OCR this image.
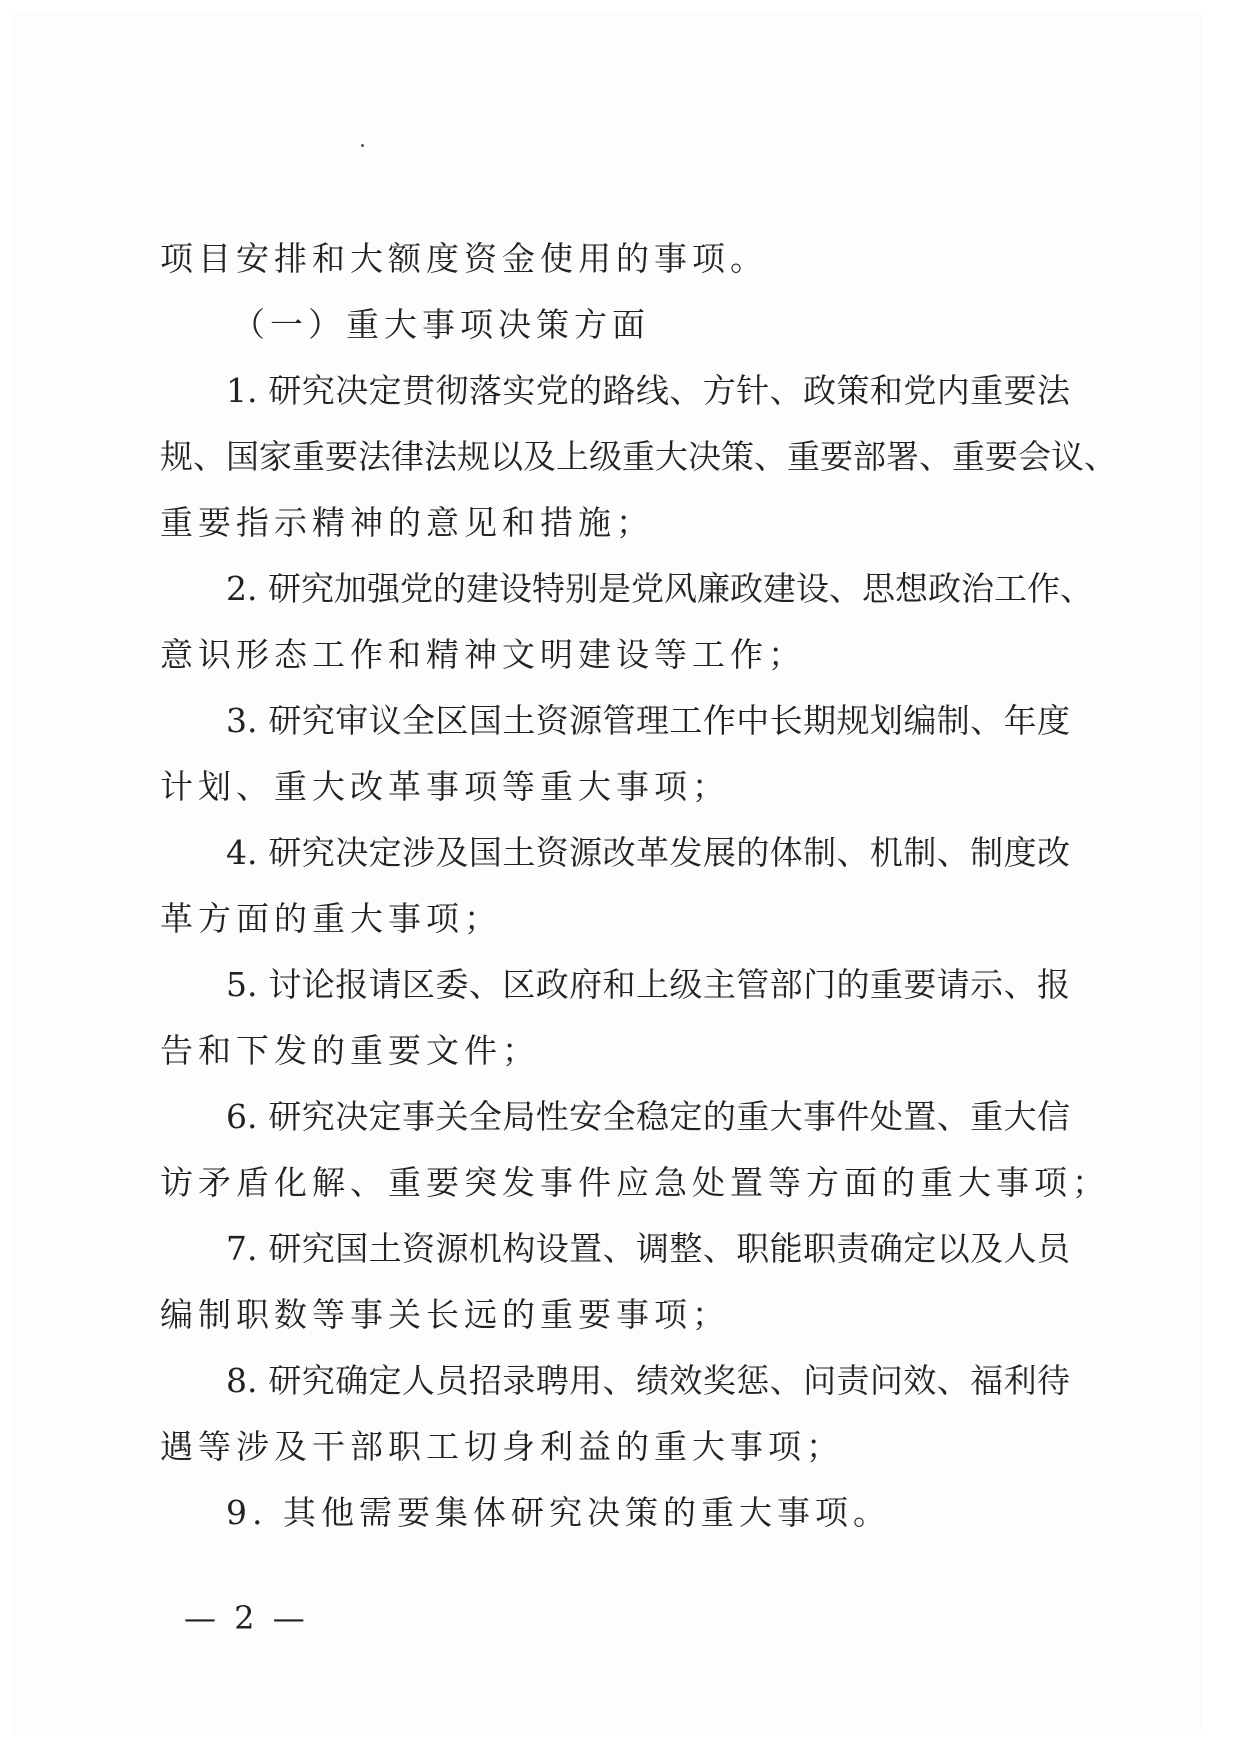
项目安排和大额度资金使用的事项。
（一）重大事项决策方面
1. 研究决定贯彻落实党的路线、方针、政策和党内重要法
规、国家重要法律法规以及上级重大决策、重要部署、重要会议、
重要指示精神的意见和措施；
2. 研究加强党的建设特别是党风廉政建设、思想政治工作、
意识形态工作和精神文明建设等工作；
3. 研究审议全区国土资源管理工作中长期规划编制、年度
计划、重大改革事项等重大事项；
4. 研究决定涉及国土资源改革发展的体制、机制、制度改
革方面的重大事项；
5. 讨论报请区委、区政府和上级主管部门的重要请示、报
告和下发的重要文件；
6. 研究决定事关全局性安全稳定的重大事件处置、重大信
访矛盾化解、重要突发事件应急处置等方面的重大事项；
7. 研究国土资源机构设置、调整、职能职责确定以及人员
编制职数等事关长远的重要事项；
8. 研究确定人员招录聘用、绩效奖惩、问责问效、福利待
遇等涉及干部职工切身利益的重大事项；
9. 其他需要集体研究决策的重大事项。
— 2 —
